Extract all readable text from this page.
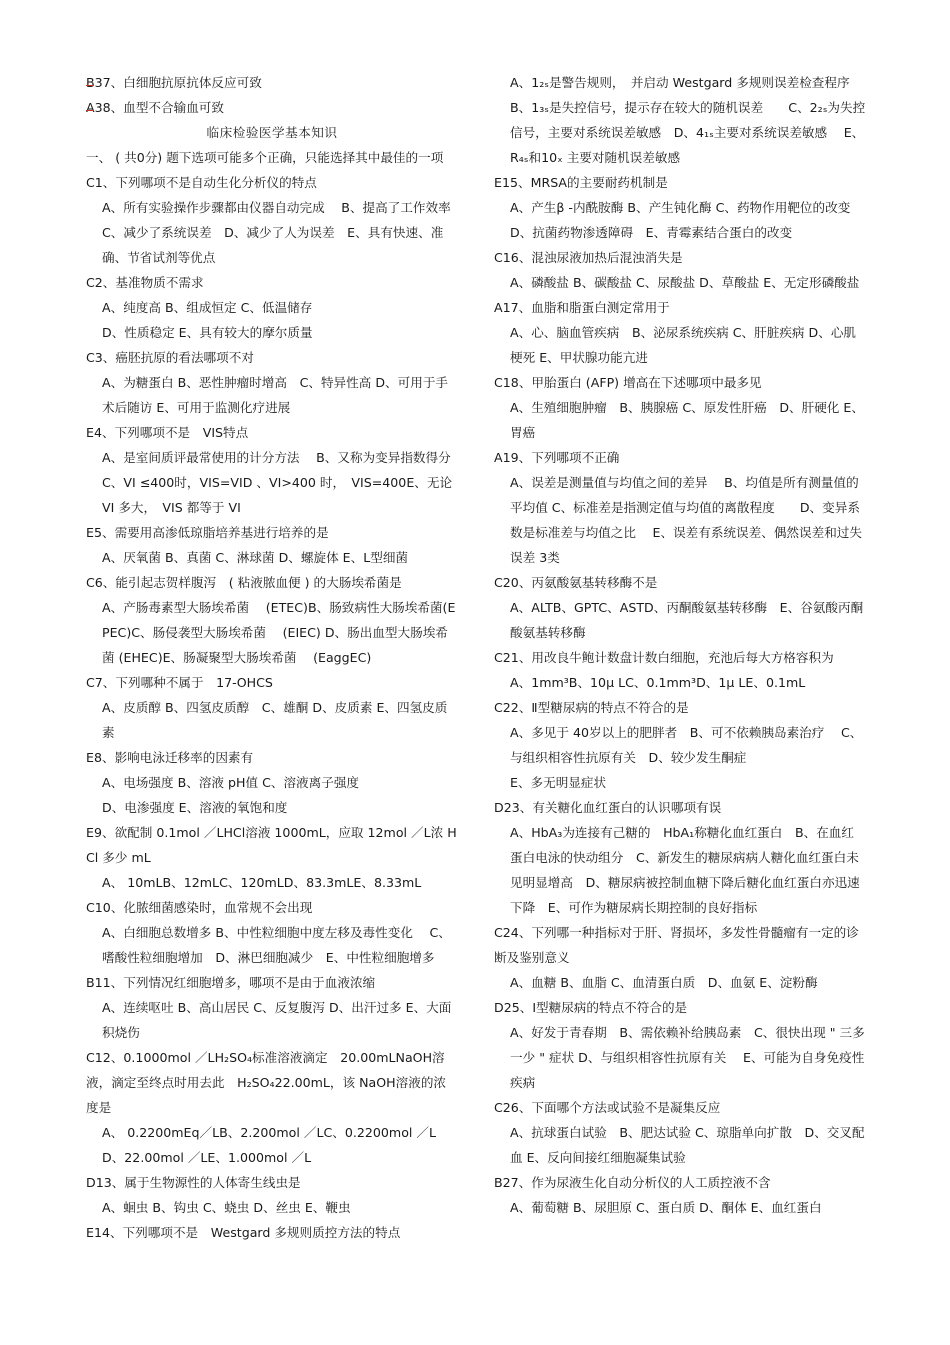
B37、白细胞抗原抗体反应可致

A38、血型不合输血可致

临床检验医学基本知识

一、 ( 共0分) 题下选项可能多个正确，只能选择其中最佳的一项

C1、下列哪项不是自动生化分析仪的特点

A、所有实验操作步骤都由仪器自动完成　 B、提高了工作效率C、减少了系统误差　D、减少了人为误差　E、具有快速、准确、节省试剂等优点

C2、基准物质不需求

A、纯度高 B、组成恒定 C、低温储存

D、性质稳定 E、具有较大的摩尔质量

C3、癌胚抗原的看法哪项不对

A、为糖蛋白 B、恶性肿瘤时增高　C、特异性高 D、可用于手术后随访 E、可用于监测化疗进展

E4、下列哪项不是　VIS特点

A、是室间质评最常使用的计分方法　 B、又称为变异指数得分C、VI ≤400时，VIS=VID 、VI>400 时，　VIS=400E、无论VI 多大，　VIS 都等于 VI

E5、需要用高渗低琼脂培养基进行培养的是

A、厌氧菌 B、真菌 C、淋球菌 D、螺旋体 E、L型细菌

C6、能引起志贺样腹泻　( 粘液脓血便 ) 的大肠埃希菌是

A、产肠毒素型大肠埃希菌　 (ETEC)B、肠致病性大肠埃希菌(EPEC)C、肠侵袭型大肠埃希菌　 (EIEC) D、肠出血型大肠埃希菌 (EHEC)E、肠凝聚型大肠埃希菌　 (EaggEC)

C7、下列哪种不属于　17-OHCS

A、皮质醇 B、四氢皮质醇　C、雄酮 D、皮质素 E、四氢皮质素

E8、影响电泳迁移率的因素有

A、电场强度 B、溶液 pH值 C、溶液离子强度

D、电渗强度 E、溶液的氧饱和度

E9、欲配制 0.1mol ／LHCl溶液 1000mL，应取 12mol ／L浓 HCl 多少 mL

A、 10mLB、12mLC、120mLD、83.3mLE、8.33mL

C10、化脓细菌感染时，血常规不会出现

A、白细胞总数增多 B、中性粒细胞中度左移及毒性变化　 C、嗜酸性粒细胞增加　D、淋巴细胞减少　E、中性粒细胞增多

B11、下列情况红细胞增多，哪项不是由于血液浓缩

A、连续呕吐 B、高山居民 C、反复腹泻 D、出汗过多 E、大面积烧伤

C12、0.1000mol ／LH₂SO₄标准溶液滴定　20.00mLNaOH溶液，滴定至终点时用去此　H₂SO₄22.00mL，该 NaOH溶液的浓度是

A、 0.2200mEq／LB、2.200mol ／LC、0.2200mol ／LD、22.00mol ／LE、1.000mol ／L

D13、属于生物源性的人体寄生线虫是

A、蛔虫 B、钩虫 C、蛲虫 D、丝虫 E、鞭虫

E14、下列哪项不是　Westgard 多规则质控方法的特点

A、1₂ₛ是警告规则，　并启动 Westgard 多规则误差检查程序　 B、1₃ₛ是失控信号，提示存在较大的随机误差　　C、2₂ₛ为失控信号，主要对系统误差敏感　D、4₁ₛ主要对系统误差敏感　 E、R₄ₛ和10ₓ 主要对随机误差敏感

E15、MRSA的主要耐药机制是

A、产生β -内酰胺酶 B、产生钝化酶 C、药物作用靶位的改变D、抗菌药物渗透障碍　E、青霉素结合蛋白的改变

C16、混浊尿液加热后混浊消失是

A、磷酸盐 B、碳酸盐 C、尿酸盐 D、草酸盐 E、无定形磷酸盐

A17、血脂和脂蛋白测定常用于

A、心、脑血管疾病　B、泌尿系统疾病 C、肝脏疾病 D、心肌梗死 E、甲状腺功能亢进

C18、甲胎蛋白 (AFP) 增高在下述哪项中最多见

A、生殖细胞肿瘤　B、胰腺癌 C、原发性肝癌　D、肝硬化 E、胃癌

A19、下列哪项不正确

A、误差是测量值与均值之间的差异　 B、均值是所有测量值的平均值 C、标准差是指测定值与均值的离散程度　　D、变异系数是标准差与均值之比　 E、误差有系统误差、偶然误差和过失误差 3类

C20、丙氨酸氨基转移酶不是

A、ALTB、GPTC、ASTD、丙酮酸氨基转移酶　E、谷氨酸丙酮酸氨基转移酶

C21、用改良牛鲍计数盘计数白细胞，充池后每大方格容积为

A、1mm³B、10μ LC、0.1mm³D、1μ LE、0.1mL

C22、Ⅱ型糖尿病的特点不符合的是

A、多见于 40岁以上的肥胖者　B、可不依赖胰岛素治疗　 C、与组织相容性抗原有关　D、较少发生酮症

E、多无明显症状

D23、有关糖化血红蛋白的认识哪项有误

A、HbA₃为连接有己糖的　HbA₁称糖化血红蛋白　B、在血红蛋白电泳的快动组分　C、新发生的糖尿病病人糖化血红蛋白未见明显增高　D、糖尿病被控制血糖下降后糖化血红蛋白亦迅速下降　E、可作为糖尿病长期控制的良好指标

C24、下列哪一种指标对于肝、肾损坏，多发性骨髓瘤有一定的诊断及鉴别意义

A、血糖 B、血脂 C、血清蛋白质　D、血氨 E、淀粉酶

D25、Ⅰ型糖尿病的特点不符合的是

A、好发于青春期　B、需依赖补给胰岛素　C、很快出现 " 三多一少 " 症状 D、与组织相容性抗原有关　 E、可能为自身免疫性疾病

C26、下面哪个方法或试验不是凝集反应

A、抗球蛋白试验　B、肥达试验 C、琼脂单向扩散　D、交叉配血 E、反向间接红细胞凝集试验

B27、作为尿液生化自动分析仪的人工质控液不含

A、葡萄糖 B、尿胆原 C、蛋白质 D、酮体 E、血红蛋白
